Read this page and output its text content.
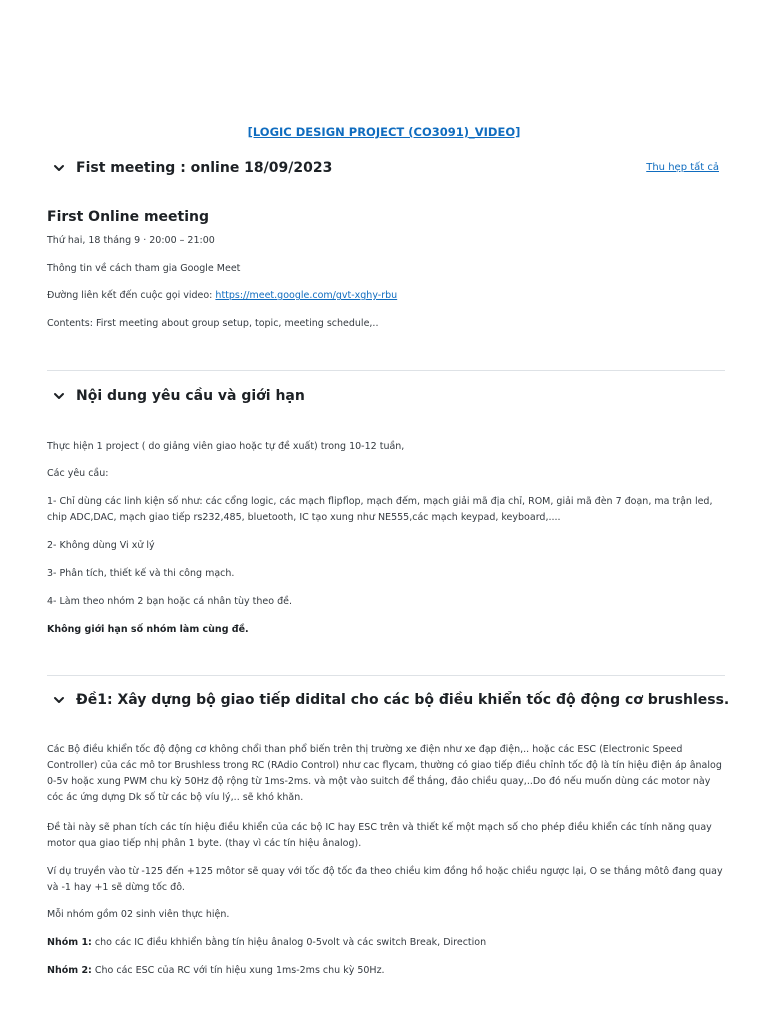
[LOGIC DESIGN PROJECT (CO3091)_VIDEO]
Fist meeting : online 18/09/2023	Thu hẹp tất cả
First Online meeting
Thứ hai, 18 tháng 9 · 20:00 – 21:00
Thông tin về cách tham gia Google Meet
Đường liên kết đến cuộc gọi video: https://meet.google.com/gvt-xghy-rbu
Contents: First meeting about group setup, topic, meeting schedule,..
Nội dung yêu cầu và giới hạn
Thực hiện 1 project ( do giảng viên giao hoặc tự đề xuất) trong 10-12 tuần,
Các yêu cầu:
1- Chỉ dùng các linh kiện số như: các cổng logic, các mạch flipflop, mạch đếm, mạch giải mã địa chỉ, ROM, giải mã đèn 7 đoạn, ma trận led, chip ADC,DAC, mạch giao tiếp rs232,485, bluetooth, IC tạo xung như NE555,các mạch keypad, keyboard,....
2- Không dùng Vi xử lý
3- Phân tích, thiết kế và thi công mạch.
4- Làm theo nhóm 2 bạn hoặc cá nhân tùy theo đề.
Không giới hạn số nhóm làm cùng đề.
Đề1: Xây dựng bộ giao tiếp didital cho các bộ điều khiển tốc độ động cơ brushless.
Các Bộ điều khiển tốc độ động cơ không chổi than phổ biến trên thị trường xe điện như xe đạp điện,.. hoặc các ESC (Electronic Speed Controller) của các mô tor Brushless trong RC (RAdio Control) như cac flycam, thường có giao tiếp điều chỉnh tốc độ là tín hiệu điện áp ânalog 0-5v hoặc xung PWM chu kỳ 50Hz độ rộng từ 1ms-2ms. và một vào suitch để thắng, đảo chiều quay,..Do đó nếu muốn dùng các motor này cóc ác ứng dựng Dk số từ các bộ víu lý,.. sẽ khó khăn.
Đề tài này sẽ phan tích các tín hiệu điều khiển của các bộ IC hay ESC trên và thiết kế một mạch số cho phép điều khiển các tính năng quay motor qua giao tiếp nhị phân 1 byte. (thay vì các tín hiệu ânalog).
Ví dụ truyền vào từ -125 đến +125 môtor sẽ quay với tốc độ tốc đa theo chiều kim đồng hồ hoặc chiều ngược lại, O se thắng môtô đang quay và -1 hay +1 sẽ dừng tốc đô.
Mỗi nhóm gồm 02 sinh viên thực hiện.
Nhóm 1: cho các IC điều khhiển bằng tín hiệu ânalog 0-5volt và các switch Break, Direction
Nhóm 2: Cho các ESC của RC với tín hiệu xung 1ms-2ms chu kỳ 50Hz.
